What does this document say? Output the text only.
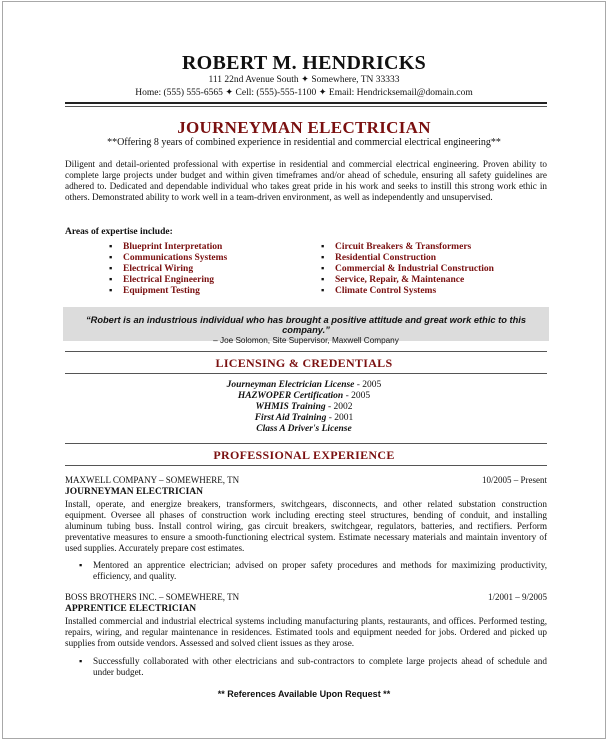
ROBERT M. HENDRICKS
111 22nd Avenue South ✦ Somewhere, TN 33333
Home: (555) 555-6565 ✦ Cell: (555)-555-1100 ✦ Email: Hendricksemail@domain.com
JOURNEYMAN ELECTRICIAN
**Offering 8 years of combined experience in residential and commercial electrical engineering**
Diligent and detail-oriented professional with expertise in residential and commercial electrical engineering. Proven ability to complete large projects under budget and within given timeframes and/or ahead of schedule, ensuring all safety guidelines are adhered to. Dedicated and dependable individual who takes great pride in his work and seeks to instill this strong work ethic in others. Demonstrated ability to work well in a team-driven environment, as well as independently and unsupervised.
Areas of expertise include:
▪ Blueprint Interpretation
▪ Communications Systems
▪ Electrical Wiring
▪ Electrical Engineering
▪ Equipment Testing
▪ Circuit Breakers & Transformers
▪ Residential Construction
▪ Commercial & Industrial Construction
▪ Service, Repair, & Maintenance
▪ Climate Control Systems
“Robert is an industrious individual who has brought a positive attitude and great work ethic to this company.”
– Joe Solomon, Site Supervisor, Maxwell Company
LICENSING & CREDENTIALS
Journeyman Electrician License - 2005
HAZWOPER Certification - 2005
WHMIS Training - 2002
First Aid Training - 2001
Class A Driver's License
PROFESSIONAL EXPERIENCE
MAXWELL COMPANY – SOMEWHERE, TN	10/2005 – Present
JOURNEYMAN ELECTRICIAN
Install, operate, and energize breakers, transformers, switchgears, disconnects, and other related substation construction equipment. Oversee all phases of construction work including erecting steel structures, bending of conduit, and installing aluminum tubing buss. Install control wiring, gas circuit breakers, switchgear, regulators, batteries, and rectifiers. Perform preventative measures to ensure a smooth-functioning electrical system. Estimate necessary materials and maintain inventory of used supplies. Accurately prepare cost estimates.
▪ Mentored an apprentice electrician; advised on proper safety procedures and methods for maximizing productivity, efficiency, and quality.
BOSS BROTHERS INC. – SOMEWHERE, TN	1/2001 – 9/2005
APPRENTICE ELECTRICIAN
Installed commercial and industrial electrical systems including manufacturing plants, restaurants, and offices. Performed testing, repairs, wiring, and regular maintenance in residences. Estimated tools and equipment needed for jobs. Ordered and picked up supplies from outside vendors. Assessed and solved client issues as they arose.
▪ Successfully collaborated with other electricians and sub-contractors to complete large projects ahead of schedule and under budget.
** References Available Upon Request **
